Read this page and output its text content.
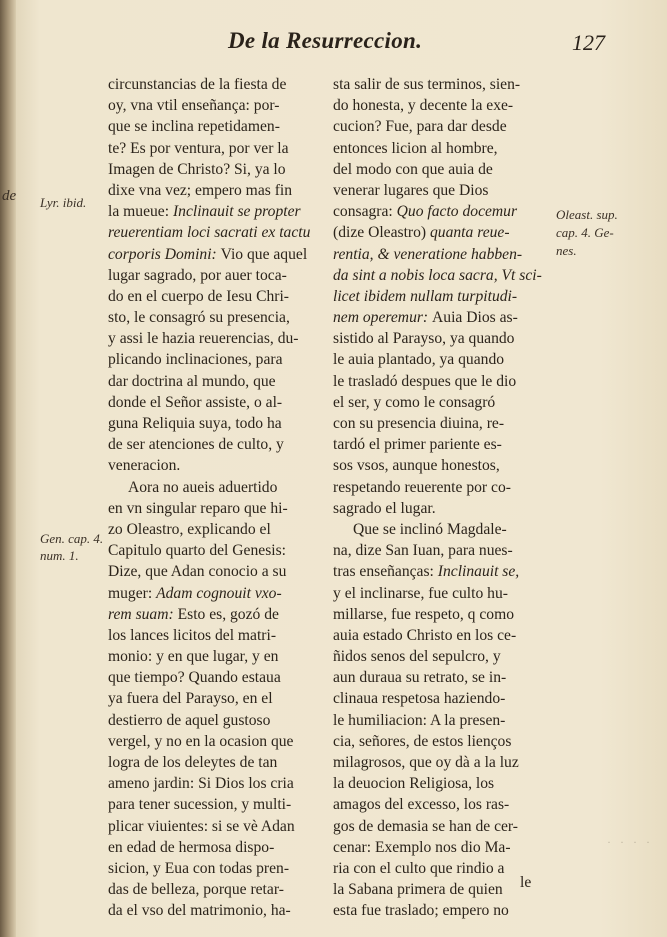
de
De la Resurreccion.	127
Lyr. ibid.
Gen. cap. 4.
num. 1.
Oleast. sup.
cap. 4. Ge-
nes.
circunstancias de la fiesta de
oy, vna vtil enseñança: por-
que se inclina repetidamen-
te? Es por ventura, por ver la
Imagen de Christo? Si, ya lo
dixe vna vez; empero mas fin
la mueue: Inclinauit se propter
reuerentiam loci sacrati ex tactu
corporis Domini: Vio que aquel
lugar sagrado, por auer toca-
do en el cuerpo de Iesu Chri-
sto, le consagró su presencia,
y assi le hazia reuerencias, du-
plicando inclinaciones, para
dar doctrina al mundo, que
donde el Señor assiste, o al-
guna Reliquia suya, todo ha
de ser atenciones de culto, y
veneracion.
Aora no aueis aduertido
en vn singular reparo que hi-
zo Oleastro, explicando el
Capitulo quarto del Genesis:
Dize, que Adan conocio a su
muger: Adam cognouit vxo-
rem suam: Esto es, gozó de
los lances licitos del matri-
monio: y en que lugar, y en
que tiempo? Quando estaua
ya fuera del Parayso, en el
destierro de aquel gustoso
vergel, y no en la ocasion que
logra de los deleytes de tan
ameno jardin: Si Dios los cria
para tener sucession, y multi-
plicar viuientes: si se vè Adan
en edad de hermosa dispo-
sicion, y Eua con todas pren-
das de belleza, porque retar-
da el vso del matrimonio, ha-
sta salir de sus terminos, sien-
do honesta, y decente la exe-
cucion? Fue, para dar desde
entonces licion al hombre,
del modo con que auia de
venerar lugares que Dios
consagra: Quo facto docemur
(dize Oleastro) quanta reue-
rentia, & veneratione habben-
da sint a nobis loca sacra, Vt sci-
licet ibidem nullam turpitudi-
nem operemur: Auia Dios as-
sistido al Parayso, ya quando
le auia plantado, ya quando
le trasladó despues que le dio
el ser, y como le consagró
con su presencia diuina, re-
tardó el primer pariente es-
sos vsos, aunque honestos,
respetando reuerente por co-
sagrado el lugar.
Que se inclinó Magdale-
na, dize San Iuan, para nues-
tras enseñanças: Inclinauit se,
y el inclinarse, fue culto hu-
millarse, fue respeto, q como
auia estado Christo en los ce-
ñidos senos del sepulcro, y
aun duraua su retrato, se in-
clinaua respetosa haziendo-
le humiliacion: A la presen-
cia, señores, de estos lienços
milagrosos, que oy dà a la luz
la deuocion Religiosa, los
amagos del excesso, los ras-
gos de demasia se han de cer-
cenar: Exemplo nos dio Ma-
ria con el culto que rindio a
la Sabana primera de quien
esta fue traslado; empero no
le
· · · ·
